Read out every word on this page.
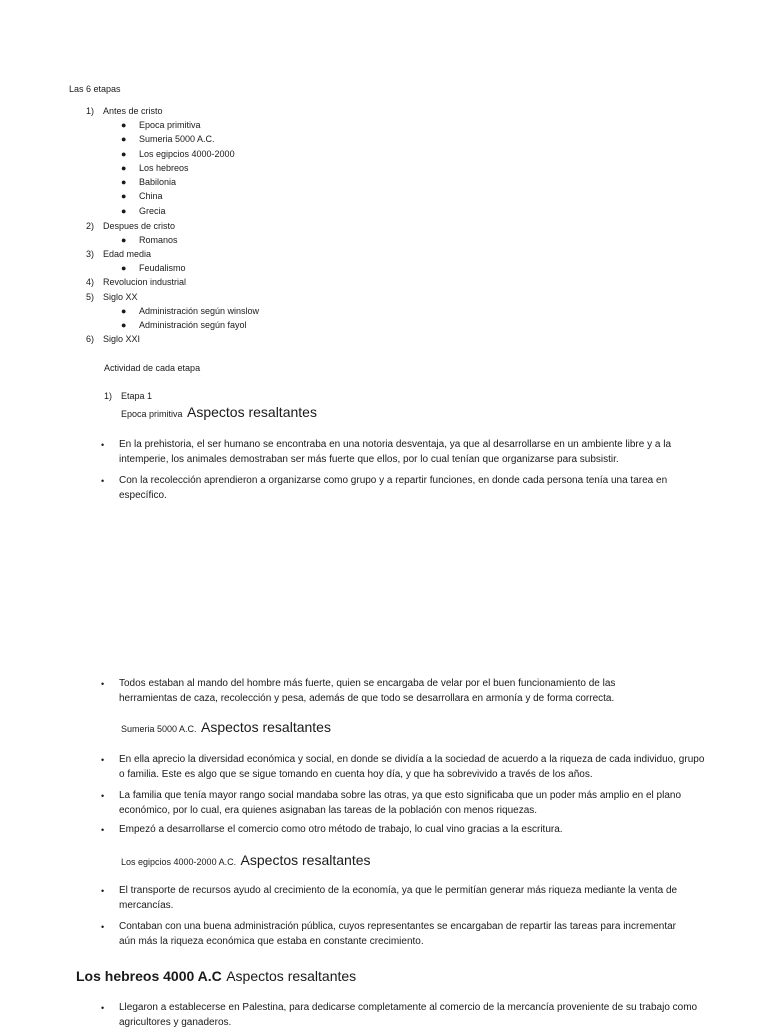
Las 6 etapas
1) Antes de cristo
● Epoca primitiva
● Sumeria 5000 A.C.
● Los egipcios 4000-2000
● Los hebreos
● Babilonia
● China
● Grecia
2) Despues de cristo
● Romanos
3) Edad media
● Feudalismo
4) Revolucion industrial
5) Siglo XX
● Administración según winslow
● Administración según fayol
6) Siglo XXI
Actividad de cada etapa
1) Etapa 1
Epoca primitiva Aspectos resaltantes
• En la prehistoria, el ser humano se encontraba en una notoria desventaja, ya que al desarrollarse en un ambiente libre y a la intemperie, los animales demostraban ser más fuerte que ellos, por lo cual tenían que organizarse para subsistir.
• Con la recolección aprendieron a organizarse como grupo y a repartir funciones, en donde cada persona tenía una tarea en específico.
• Todos estaban al mando del hombre más fuerte, quien se encargaba de velar por el buen funcionamiento de las herramientas de caza, recolección y pesa, además de que todo se desarrollara en armonía y de forma correcta.
Sumeria 5000 A.C. Aspectos resaltantes
• En ella aprecio la diversidad económica y social, en donde se dividía a la sociedad de acuerdo a la riqueza de cada individuo, grupo o familia. Este es algo que se sigue tomando en cuenta hoy día, y que ha sobrevivido a través de los años.
• La familia que tenía mayor rango social mandaba sobre las otras, ya que esto significaba que un poder más amplio en el plano económico, por lo cual, era quienes asignaban las tareas de la población con menos riquezas.
• Empezó a desarrollarse el comercio como otro método de trabajo, lo cual vino gracias a la escritura.
Los egipcios 4000-2000 A.C. Aspectos resaltantes
• El transporte de recursos ayudo al crecimiento de la economía, ya que le permitían generar más riqueza mediante la venta de mercancías.
• Contaban con una buena administración pública, cuyos representantes se encargaban de repartir las tareas para incrementar aún más la riqueza económica que estaba en constante crecimiento.
Los hebreos 4000 A.C Aspectos resaltantes
• Llegaron a establecerse en Palestina, para dedicarse completamente al comercio de la mercancía proveniente de su trabajo como agricultores y ganaderos.
